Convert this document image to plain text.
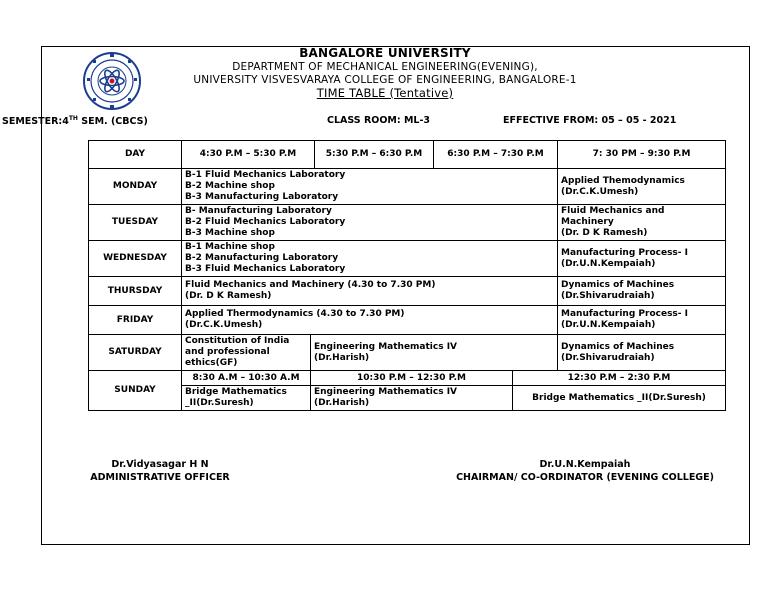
BANGALORE UNIVERSITY
DEPARTMENT OF MECHANICAL ENGINEERING(EVENING),
UNIVERSITY VISVESVARAYA COLLEGE OF ENGINEERING, BANGALORE-1
TIME TABLE (Tentative)
SEMESTER:4TH SEM. (CBCS)	CLASS ROOM: ML-3	EFFECTIVE FROM: 05 – 05 - 2021
DAY	4:30 P.M – 5:30 P.M		5:30 P.M – 6:30 P.M	6:30 P.M – 7:30 P.M		7: 30 PM – 9:30 P.M
MONDAY	B-1 Fluid Mechanics Laboratory
B-2 Machine shop
B-3 Manufacturing Laboratory					Applied Themodynamics
(Dr.C.K.Umesh)

TUESDAY	B- Manufacturing Laboratory
B-2 Fluid Mechanics Laboratory
B-3 Machine shop					Fluid Mechanics and
Machinery
(Dr. D K Ramesh)

WEDNESDAY	B-1 Machine shop
B-2 Manufacturing Laboratory
B-3 Fluid Mechanics Laboratory					Manufacturing Process- I
(Dr.U.N.Kempaiah)

THURSDAY	Fluid Mechanics and Machinery (4.30 to 7.30 PM)
(Dr. D K Ramesh)					Dynamics of Machines
(Dr.Shivarudraiah)

FRIDAY	Applied Thermodynamics (4.30 to 7.30 PM)
(Dr.C.K.Umesh)					Manufacturing Process- I
(Dr.U.N.Kempaiah)

SATURDAY	Constitution of India
and professional
ethics(GF)	Engineering Mathematics IV
(Dr.Harish)				Dynamics of Machines
(Dr.Shivarudraiah)

SUNDAY	8:30 A.M – 10:30 A.M	10:30 P.M – 12:30 P.M			12:30 P.M – 2:30 P.M	

	Bridge Mathematics
_II(Dr.Suresh)	Engineering Mathematics IV
(Dr.Harish)			Bridge Mathematics _II(Dr.Suresh)	
Dr.Vidyasagar H N
ADMINISTRATIVE OFFICER
Dr.U.N.Kempaiah
CHAIRMAN/ CO-ORDINATOR (EVENING COLLEGE)
